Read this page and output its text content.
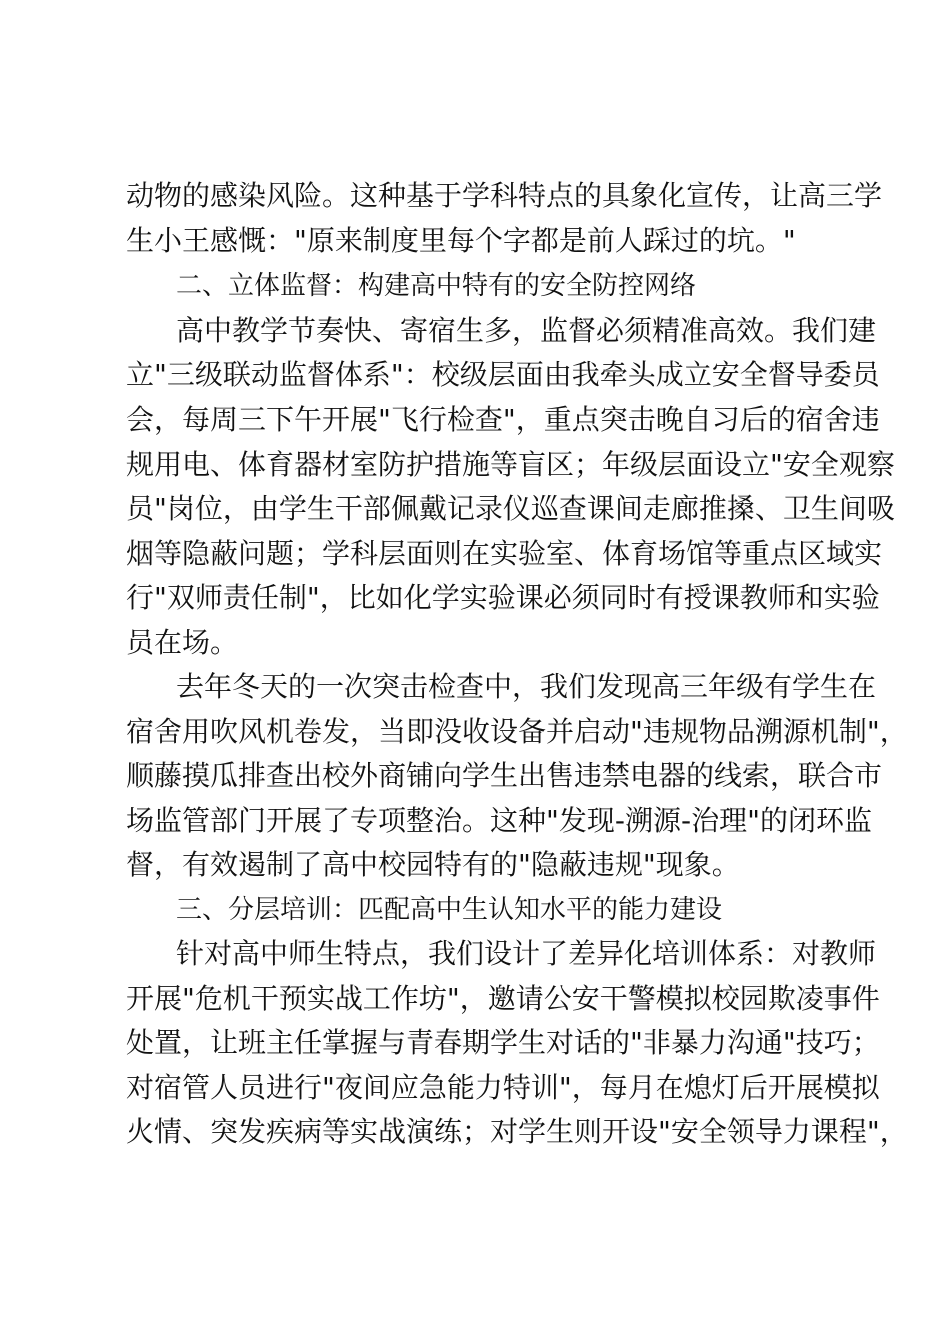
动物的感染风险。这种基于学科特点的具象化宣传，让高三学
生小王感慨："原来制度里每个字都是前人踩过的坑。"
二、立体监督：构建高中特有的安全防控网络
高中教学节奏快、寄宿生多，监督必须精准高效。我们建
立"三级联动监督体系"：校级层面由我牵头成立安全督导委员
会，每周三下午开展"飞行检查"，重点突击晚自习后的宿舍违
规用电、体育器材室防护措施等盲区；年级层面设立"安全观察
员"岗位，由学生干部佩戴记录仪巡查课间走廊推搡、卫生间吸
烟等隐蔽问题；学科层面则在实验室、体育场馆等重点区域实
行"双师责任制"，比如化学实验课必须同时有授课教师和实验
员在场。
去年冬天的一次突击检查中，我们发现高三年级有学生在
宿舍用吹风机卷发，当即没收设备并启动"违规物品溯源机制"，
顺藤摸瓜排查出校外商铺向学生出售违禁电器的线索，联合市
场监管部门开展了专项整治。这种"发现-溯源-治理"的闭环监
督，有效遏制了高中校园特有的"隐蔽违规"现象。
三、分层培训：匹配高中生认知水平的能力建设
针对高中师生特点，我们设计了差异化培训体系：对教师
开展"危机干预实战工作坊"，邀请公安干警模拟校园欺凌事件
处置，让班主任掌握与青春期学生对话的"非暴力沟通"技巧；
对宿管人员进行"夜间应急能力特训"，每月在熄灯后开展模拟
火情、突发疾病等实战演练；对学生则开设"安全领导力课程"，
